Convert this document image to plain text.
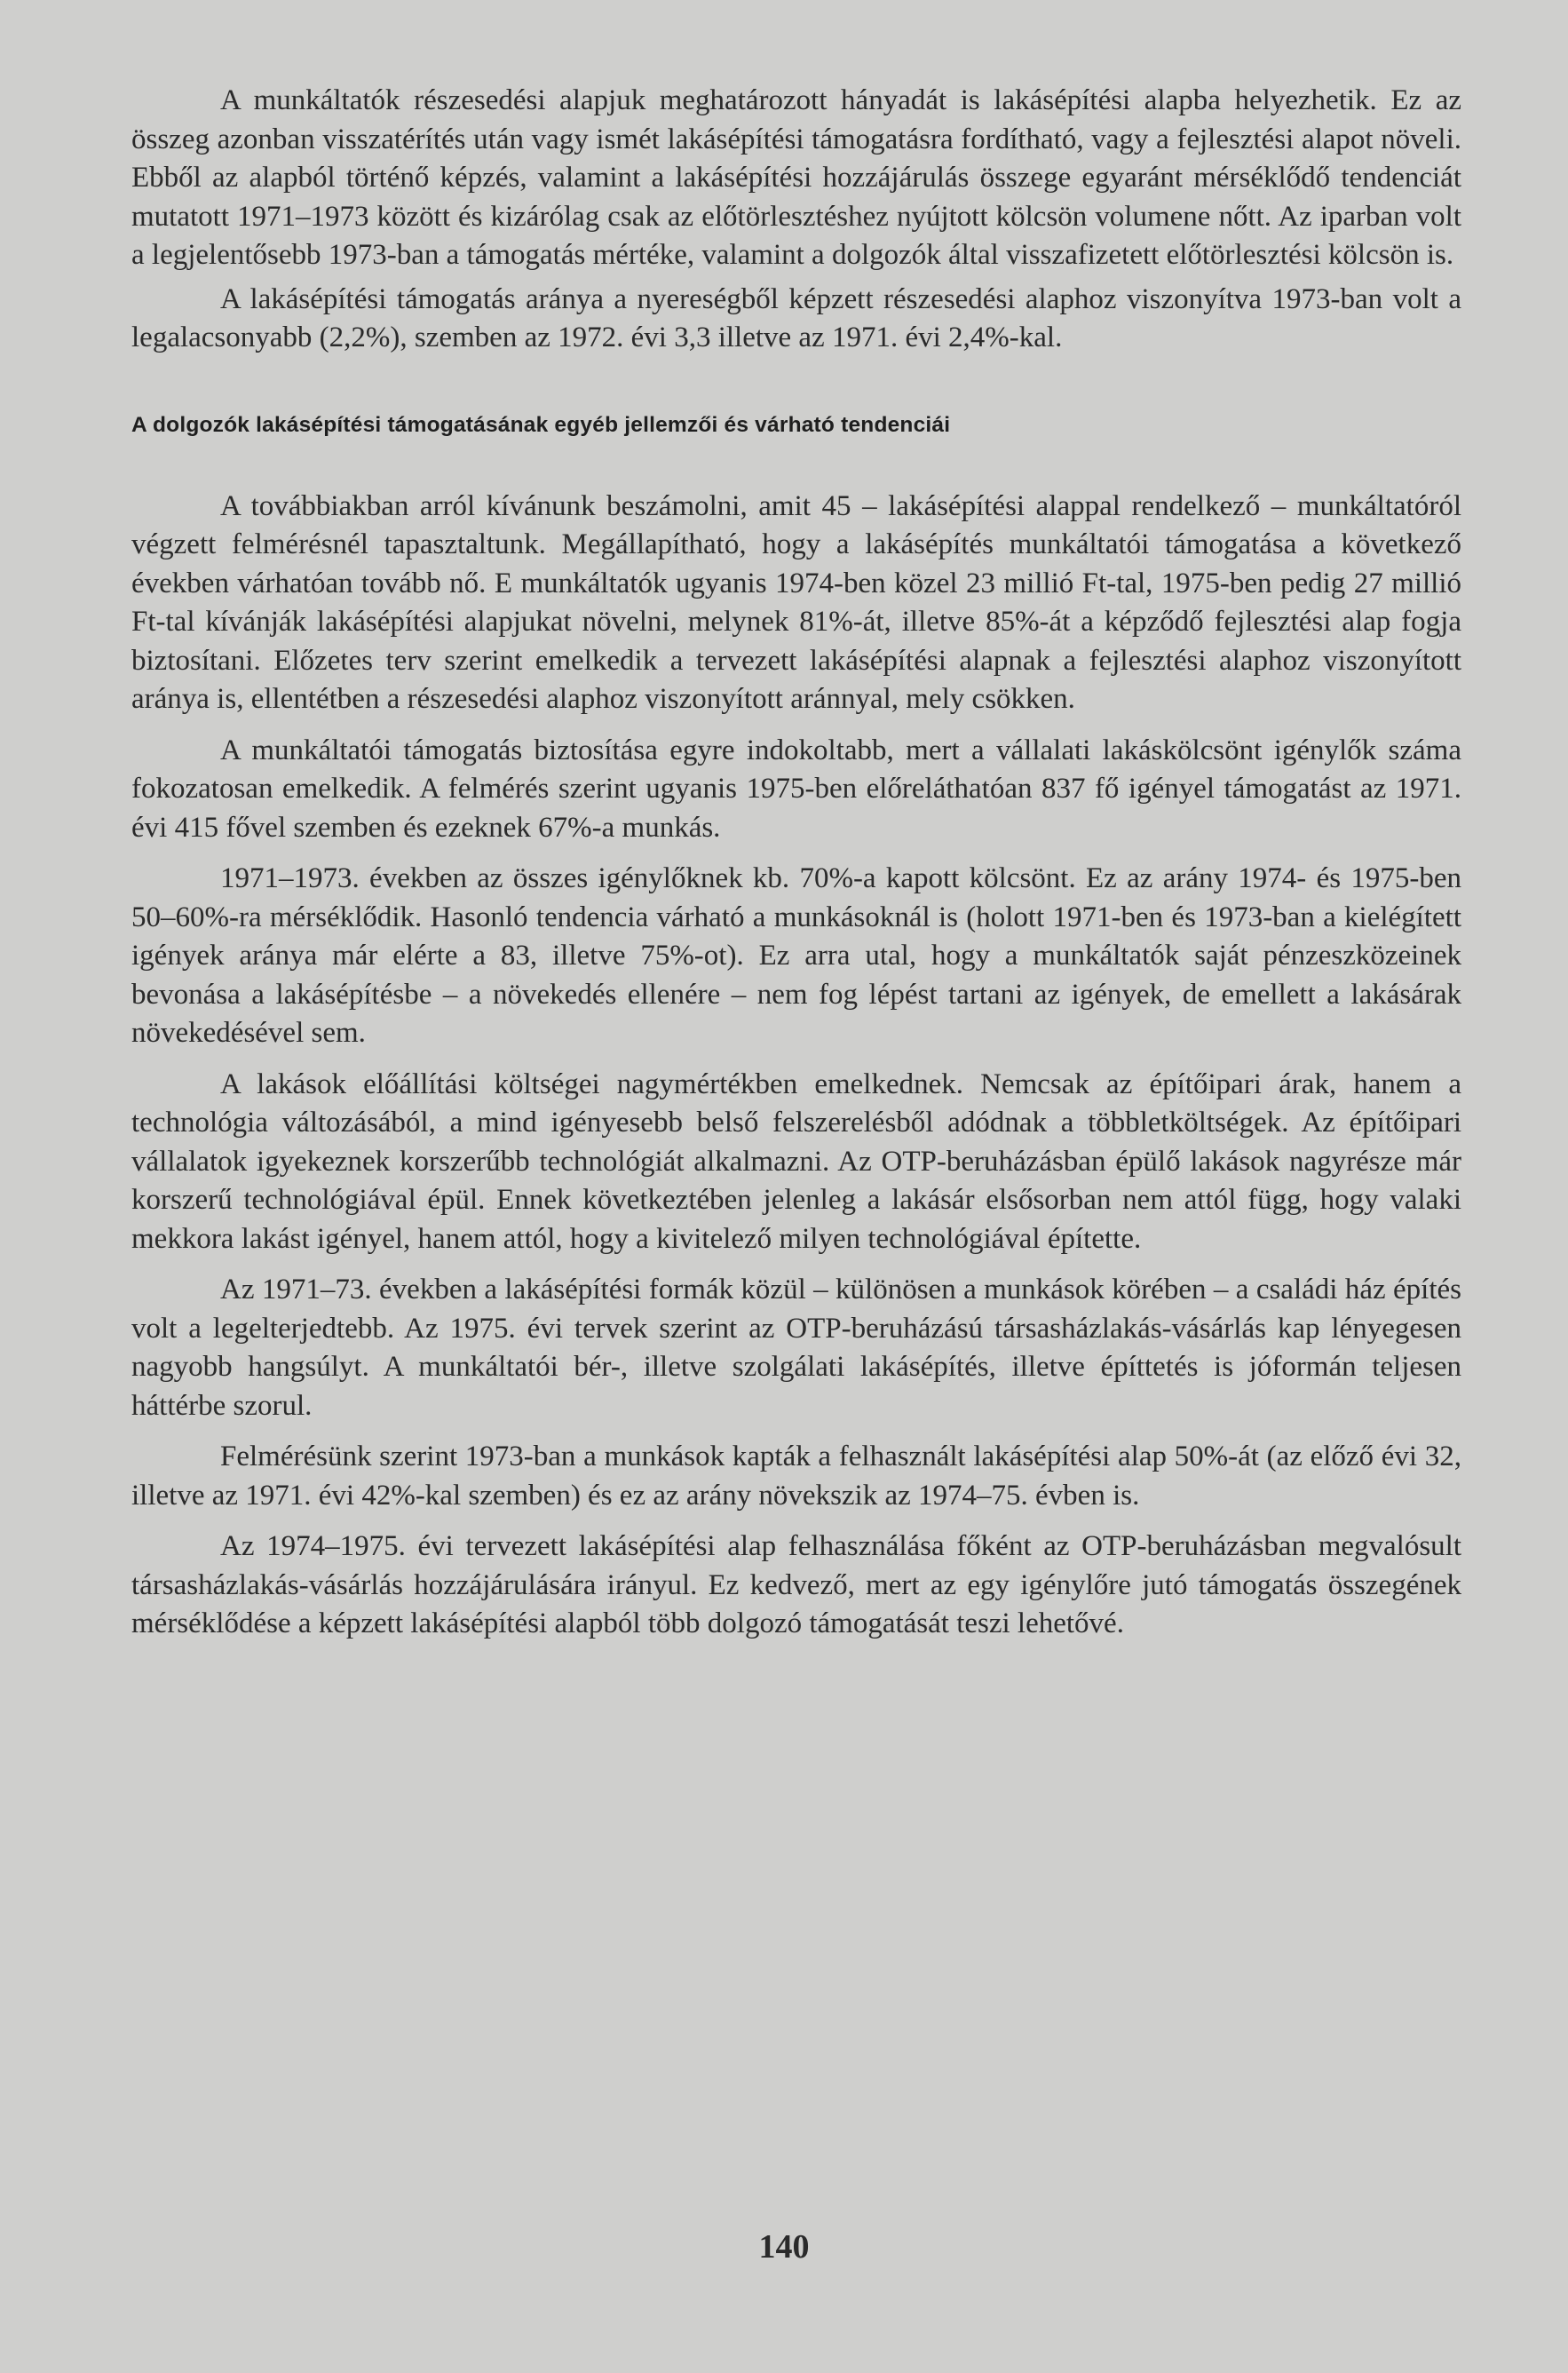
A munkáltatók részesedési alapjuk meghatározott hányadát is lakásépítési alapba helyezhetik. Ez az összeg azonban visszatérítés után vagy ismét lakásépítési támogatásra fordítható, vagy a fejlesztési alapot növeli. Ebből az alapból történő képzés, valamint a lakásépítési hozzájárulás összege egyaránt mérséklődő tendenciát mutatott 1971–1973 között és kizárólag csak az előtörlesztéshez nyújtott kölcsön volumene nőtt. Az iparban volt a legjelentősebb 1973-ban a támogatás mértéke, valamint a dolgozók által visszafizetett előtörlesztési kölcsön is.

A lakásépítési támogatás aránya a nyereségből képzett részesedési alaphoz viszonyítva 1973-ban volt a legalacsonyabb (2,2%), szemben az 1972. évi 3,3 illetve az 1971. évi 2,4%-kal.

A dolgozók lakásépítési támogatásának egyéb jellemzői és várható tendenciái

A továbbiakban arról kívánunk beszámolni, amit 45 – lakásépítési alappal rendelkező – munkáltatóról végzett felmérésnél tapasztaltunk. Megállapítható, hogy a lakásépítés munkáltatói támogatása a következő években várhatóan tovább nő. E munkáltatók ugyanis 1974-ben közel 23 millió Ft-tal, 1975-ben pedig 27 millió Ft-tal kívánják lakásépítési alapjukat növelni, melynek 81%-át, illetve 85%-át a képződő fejlesztési alap fogja biztosítani. Előzetes terv szerint emelkedik a tervezett lakásépítési alapnak a fejlesztési alaphoz viszonyított aránya is, ellentétben a részesedési alaphoz viszonyított aránnyal, mely csökken.

A munkáltatói támogatás biztosítása egyre indokoltabb, mert a vállalati lakáskölcsönt igénylők száma fokozatosan emelkedik. A felmérés szerint ugyanis 1975-ben előreláthatóan 837 fő igényel támogatást az 1971. évi 415 fővel szemben és ezeknek 67%-a munkás.

1971–1973. években az összes igénylőknek kb. 70%-a kapott kölcsönt. Ez az arány 1974- és 1975-ben 50–60%-ra mérséklődik. Hasonló tendencia várható a munkásoknál is (holott 1971-ben és 1973-ban a kielégített igények aránya már elérte a 83, illetve 75%-ot). Ez arra utal, hogy a munkáltatók saját pénzeszközeinek bevonása a lakásépítésbe – a növekedés ellenére – nem fog lépést tartani az igények, de emellett a lakásárak növekedésével sem.

A lakások előállítási költségei nagymértékben emelkednek. Nemcsak az építőipari árak, hanem a technológia változásából, a mind igényesebb belső felszerelésből adódnak a többletköltségek. Az építőipari vállalatok igyekeznek korszerűbb technológiát alkalmazni. Az OTP-beruházásban épülő lakások nagyrésze már korszerű technológiával épül. Ennek következtében jelenleg a lakásár elsősorban nem attól függ, hogy valaki mekkora lakást igényel, hanem attól, hogy a kivitelező milyen technológiával építette.

Az 1971–73. években a lakásépítési formák közül – különösen a munkások körében – a családi ház építés volt a legelterjedtebb. Az 1975. évi tervek szerint az OTP-beruházású társasházlakás-vásárlás kap lényegesen nagyobb hangsúlyt. A munkáltatói bér-, illetve szolgálati lakásépítés, illetve építtetés is jóformán teljesen háttérbe szorul.

Felmérésünk szerint 1973-ban a munkások kapták a felhasznált lakásépítési alap 50%-át (az előző évi 32, illetve az 1971. évi 42%-kal szemben) és ez az arány növekszik az 1974–75. évben is.

Az 1974–1975. évi tervezett lakásépítési alap felhasználása főként az OTP-beruházásban megvalósult társasházlakás-vásárlás hozzájárulására irányul. Ez kedvező, mert az egy igénylőre jutó támogatás összegének mérséklődése a képzett lakásépítési alapból több dolgozó támogatását teszi lehetővé.

140
